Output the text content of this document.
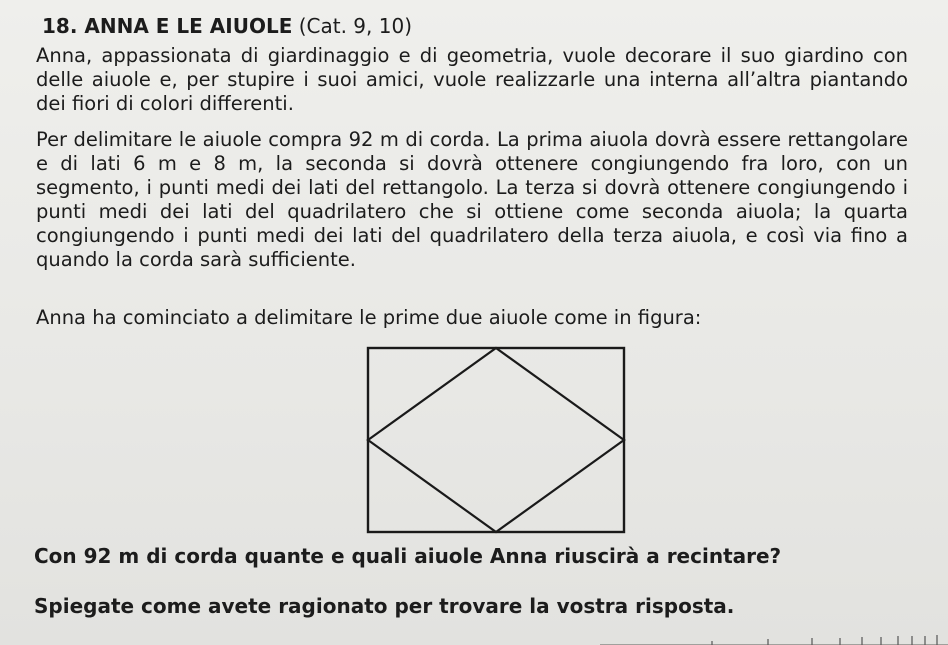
18. ANNA E LE AIUOLE (Cat. 9, 10)

Anna, appassionata di giardinaggio e di geometria, vuole decorare il suo giardino con delle aiuole e, per stupire i suoi amici, vuole realizzarle una interna all’altra piantando dei fiori di colori differenti.

Per delimitare le aiuole compra 92 m di corda. La prima aiuola dovrà essere rettangolare e di lati 6 m e 8 m, la seconda si dovrà ottenere congiungendo fra loro, con un segmento, i punti medi dei lati del rettangolo. La terza si dovrà ottenere congiungendo i punti medi dei lati del quadrilatero che si ottiene come seconda aiuola; la quarta congiungendo i punti medi dei lati del quadrilatero della terza aiuola, e così via fino a quando la corda sarà sufficiente.

Anna ha cominciato a delimitare le prime due aiuole come in figura:

Con 92 m di corda quante e quali aiuole Anna riuscirà a recintare?
Spiegate come avete ragionato per trovare la vostra risposta.
